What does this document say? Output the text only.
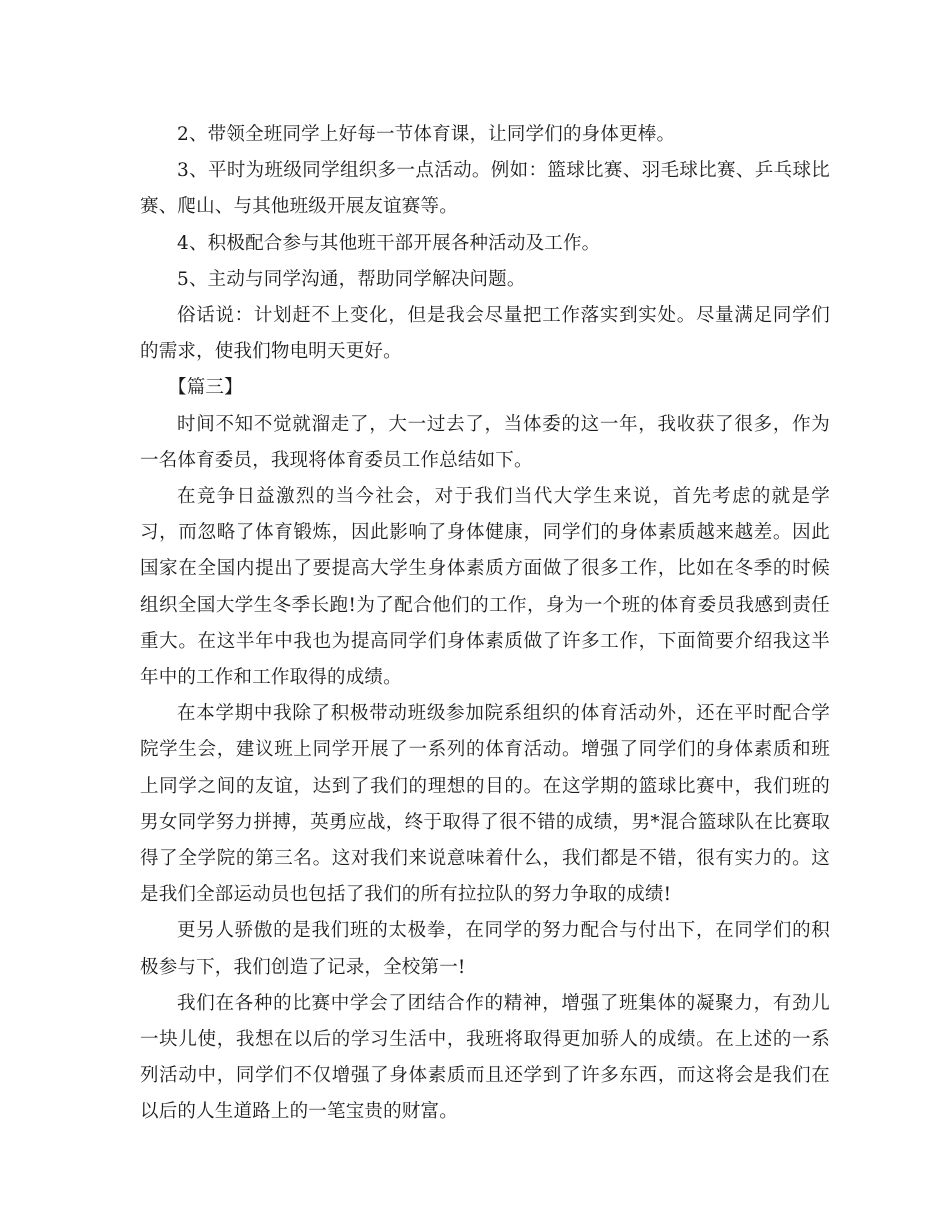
2、带领全班同学上好每一节体育课，让同学们的身体更棒。

3、平时为班级同学组织多一点活动。例如：篮球比赛、羽毛球比赛、乒乓球比赛、爬山、与其他班级开展友谊赛等。

4、积极配合参与其他班干部开展各种活动及工作。

5、主动与同学沟通，帮助同学解决问题。

俗话说：计划赶不上变化，但是我会尽量把工作落实到实处。尽量满足同学们的需求，使我们物电明天更好。

【篇三】

时间不知不觉就溜走了，大一过去了，当体委的这一年，我收获了很多，作为一名体育委员，我现将体育委员工作总结如下。

在竞争日益激烈的当今社会，对于我们当代大学生来说，首先考虑的就是学习，而忽略了体育锻炼，因此影响了身体健康，同学们的身体素质越来越差。因此国家在全国内提出了要提高大学生身体素质方面做了很多工作，比如在冬季的时候组织全国大学生冬季长跑!为了配合他们的工作，身为一个班的体育委员我感到责任重大。在这半年中我也为提高同学们身体素质做了许多工作，下面简要介绍我这半年中的工作和工作取得的成绩。

在本学期中我除了积极带动班级参加院系组织的体育活动外，还在平时配合学院学生会，建议班上同学开展了一系列的体育活动。增强了同学们的身体素质和班上同学之间的友谊，达到了我们的理想的目的。在这学期的篮球比赛中，我们班的男女同学努力拼搏，英勇应战，终于取得了很不错的成绩，男*混合篮球队在比赛取得了全学院的第三名。这对我们来说意味着什么，我们都是不错，很有实力的。这是我们全部运动员也包括了我们的所有拉拉队的努力争取的成绩!

更另人骄傲的是我们班的太极拳，在同学的努力配合与付出下，在同学们的积极参与下，我们创造了记录，全校第一!

我们在各种的比赛中学会了团结合作的精神，增强了班集体的凝聚力，有劲儿一块儿使，我想在以后的学习生活中，我班将取得更加骄人的成绩。在上述的一系列活动中，同学们不仅增强了身体素质而且还学到了许多东西，而这将会是我们在以后的人生道路上的一笔宝贵的财富。
